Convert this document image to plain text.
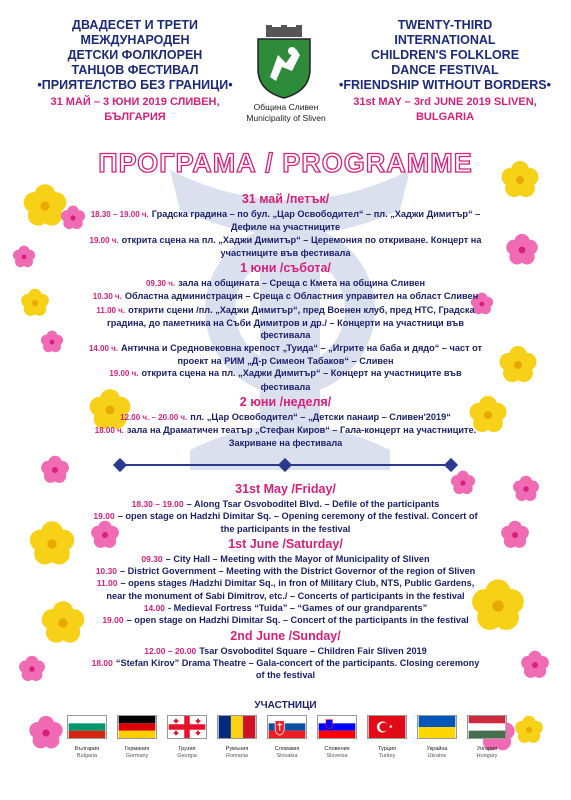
ДВАДЕСЕТ И ТРЕТИ
МЕЖДУНАРОДЕН
ДЕТСКИ ФОЛКЛОРЕН
ТАНЦОВ ФЕСТИВАЛ
•ПРИЯТЕЛСТВО БЕЗ ГРАНИЦИ•
31 МАЙ – 3 ЮНИ 2019 СЛИВЕН, БЪЛГАРИЯ
Община Сливен
Municipality of Sliven
TWENTY-THIRD
INTERNATIONAL
CHILDREN'S FOLKLORE
DANCE FESTIVAL
•FRIENDSHIP WITHOUT BORDERS•
31st MAY – 3rd JUNE 2019 SLIVEN, BULGARIA
ПРОГРАМА / PROGRAMME
31 май /петък/
18.30 – 19.00 ч. Градска градина – по бул. „Цар Освободител“ – пл. „Хаджи Димитър“ – Дефиле на участниците
19.00 ч. открита сцена на пл. „Хаджи Димитър“ – Церемония по откриване. Концерт на участниците във фестивала
1 юни /събота/
09.30 ч. зала на общината – Среща с Кмета на община Сливен
10.30 ч. Областна администрация – Среща с Областния управител на област Сливен
11.00 ч. открити сцени /пл. „Хаджи Димитър“, пред Военен клуб, пред НТС, Градска градина, до паметника на Съби Димитров и др./ – Концерти на участници във фестивала
14.00 ч. Антична и Средновековна крепост „Туида“ – „Игрите на баба и дядо“ – част от проект на РИМ „Д-р Симеон Табаков“ – Сливен
19.00 ч. открита сцена на пл. „Хаджи Димитър“ – Концерт на участниците във фестивала
2 юни /неделя/
12.00 ч. – 20.00 ч. пл. „Цар Освободител“ – „Детски панаир – Сливен'2019“
18.00 ч. зала на Драматичен театър „Стефан Киров“ – Гала-концерт на участниците. Закриване на фестивала
31st May /Friday/
18.30 – 19.00 – Along Tsar Osvoboditel Blvd. – Defile of the participants
19.00 – open stage on Hadzhi Dimitar Sq. – Opening ceremony of the festival. Concert of the participants in the festival
1st June /Saturday/
09.30 – City Hall – Meeting with the Mayor of Municipality of Sliven
10.30 – District Government – Meeting with the District Governor of the region of Sliven
11.00 – opens stages /Hadzhi Dimitar Sq., in fron of Military Club, NTS, Public Gardens, near the monument of Sabi Dimitrov, etc./ – Concerts of participants in the festival
14.00 - Medieval Fortress “Tuida” – “Games of our grandparents”
19.00 – open stage on Hadzhi Dimitar Sq. – Concert of the participants in the festival
2nd June /Sunday/
12.00 – 20.00 Tsar Osvoboditel Square – Children Fair Sliven 2019
18.00 “Stefan Kirov” Drama Theatre – Gala-concert of the participants. Closing ceremony of the festival
УЧАСТНИЦИ
България
Bulgaria
Германия
Germany
Грузия
Georgia
Румъния
Romania
Словакия
Slovakia
Словения
Slovenia
Турция
Turkey
Украйна
Ukraine
Унгария
Hungary
